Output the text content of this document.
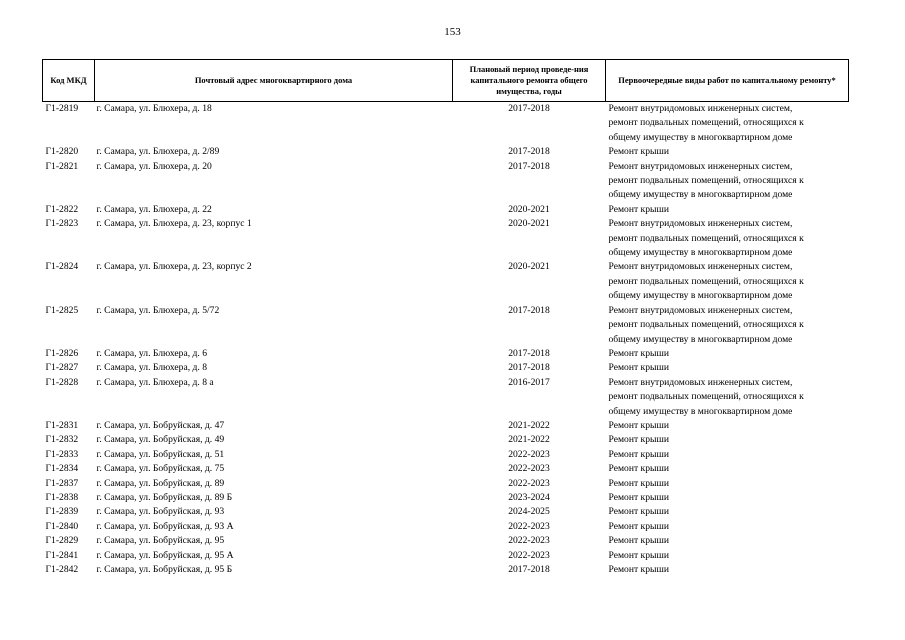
153
Код МКД	Почтовый адрес многоквартирного дома	Плановый период проведе-ния капитального ремонта общего имущества, годы	Первоочередные виды работ по капитальному ремонту*
Г1-2819	г. Самара, ул. Блюхера, д. 18	2017-2018	Ремонт внутридомовых инженерных систем,
ремонт подвальных помещений, относящихся к
общему имуществу в многоквартирном доме

Г1-2820	г. Самара, ул. Блюхера, д. 2/89	2017-2018	Ремонт крыши

Г1-2821	г. Самара, ул. Блюхера, д. 20	2017-2018	Ремонт внутридомовых инженерных систем,
ремонт подвальных помещений, относящихся к
общему имуществу в многоквартирном доме

Г1-2822	г. Самара, ул. Блюхера, д. 22	2020-2021	Ремонт крыши

Г1-2823	г. Самара, ул. Блюхера, д. 23, корпус 1	2020-2021	Ремонт внутридомовых инженерных систем,
ремонт подвальных помещений, относящихся к
общему имуществу в многоквартирном доме

Г1-2824	г. Самара, ул. Блюхера, д. 23, корпус 2	2020-2021	Ремонт внутридомовых инженерных систем,
ремонт подвальных помещений, относящихся к
общему имуществу в многоквартирном доме

Г1-2825	г. Самара, ул. Блюхера, д. 5/72	2017-2018	Ремонт внутридомовых инженерных систем,
ремонт подвальных помещений, относящихся к
общему имуществу в многоквартирном доме

Г1-2826	г. Самара, ул. Блюхера, д. 6	2017-2018	Ремонт крыши

Г1-2827	г. Самара, ул. Блюхера, д. 8	2017-2018	Ремонт крыши

Г1-2828	г. Самара, ул. Блюхера, д. 8 а	2016-2017	Ремонт внутридомовых инженерных систем,
ремонт подвальных помещений, относящихся к
общему имуществу в многоквартирном доме

Г1-2831	г. Самара, ул. Бобруйская, д. 47	2021-2022	Ремонт крыши

Г1-2832	г. Самара, ул. Бобруйская, д. 49	2021-2022	Ремонт крыши

Г1-2833	г. Самара, ул. Бобруйская, д. 51	2022-2023	Ремонт крыши

Г1-2834	г. Самара, ул. Бобруйская, д. 75	2022-2023	Ремонт крыши

Г1-2837	г. Самара, ул. Бобруйская, д. 89	2022-2023	Ремонт крыши

Г1-2838	г. Самара, ул. Бобруйская, д. 89 Б	2023-2024	Ремонт крыши

Г1-2839	г. Самара, ул. Бобруйская, д. 93	2024-2025	Ремонт крыши

Г1-2840	г. Самара, ул. Бобруйская, д. 93 А	2022-2023	Ремонт крыши

Г1-2829	г. Самара, ул. Бобруйская, д. 95	2022-2023	Ремонт крыши

Г1-2841	г. Самара, ул. Бобруйская, д. 95 А	2022-2023	Ремонт крыши

Г1-2842	г. Самара, ул. Бобруйская, д. 95 Б	2017-2018	Ремонт крыши
